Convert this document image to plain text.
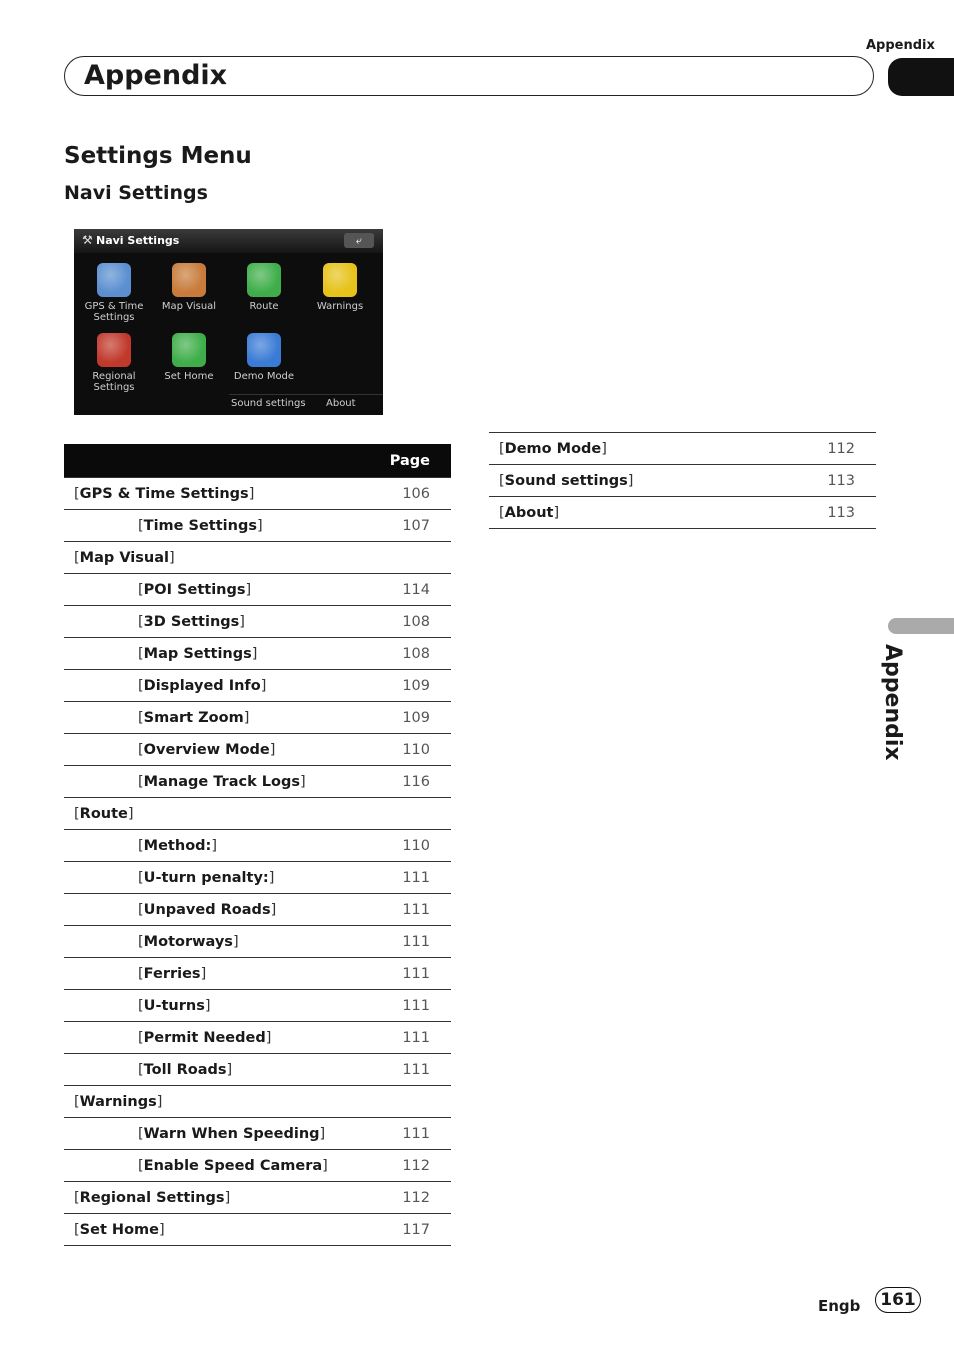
Appendix
Appendix
Settings Menu
Navi Settings
⚒ Navi Settings	⤶
GPS & Time Settings
Map Visual	Route	Warnings
Regional Settings
Set Home	Demo Mode
Sound settings About
	Page
[GPS & Time Settings]	106
[Time Settings]	107
[Map Visual]	
[POI Settings]	114
[3D Settings]	108
[Map Settings]	108
[Displayed Info]	109
[Smart Zoom]	109
[Overview Mode]	110
[Manage Track Logs]	116
[Route]	
[Method:]	110
[U-turn penalty:]	111
[Unpaved Roads]	111
[Motorways]	111
[Ferries]	111
[U-turns]	111
[Permit Needed]	111
[Toll Roads]	111
[Warnings]	
[Warn When Speeding]	111
[Enable Speed Camera]	112
[Regional Settings]	112
[Set Home]	117
[Demo Mode]	112
[Sound settings]	113
[About]	113
Appendix
Engb	161
